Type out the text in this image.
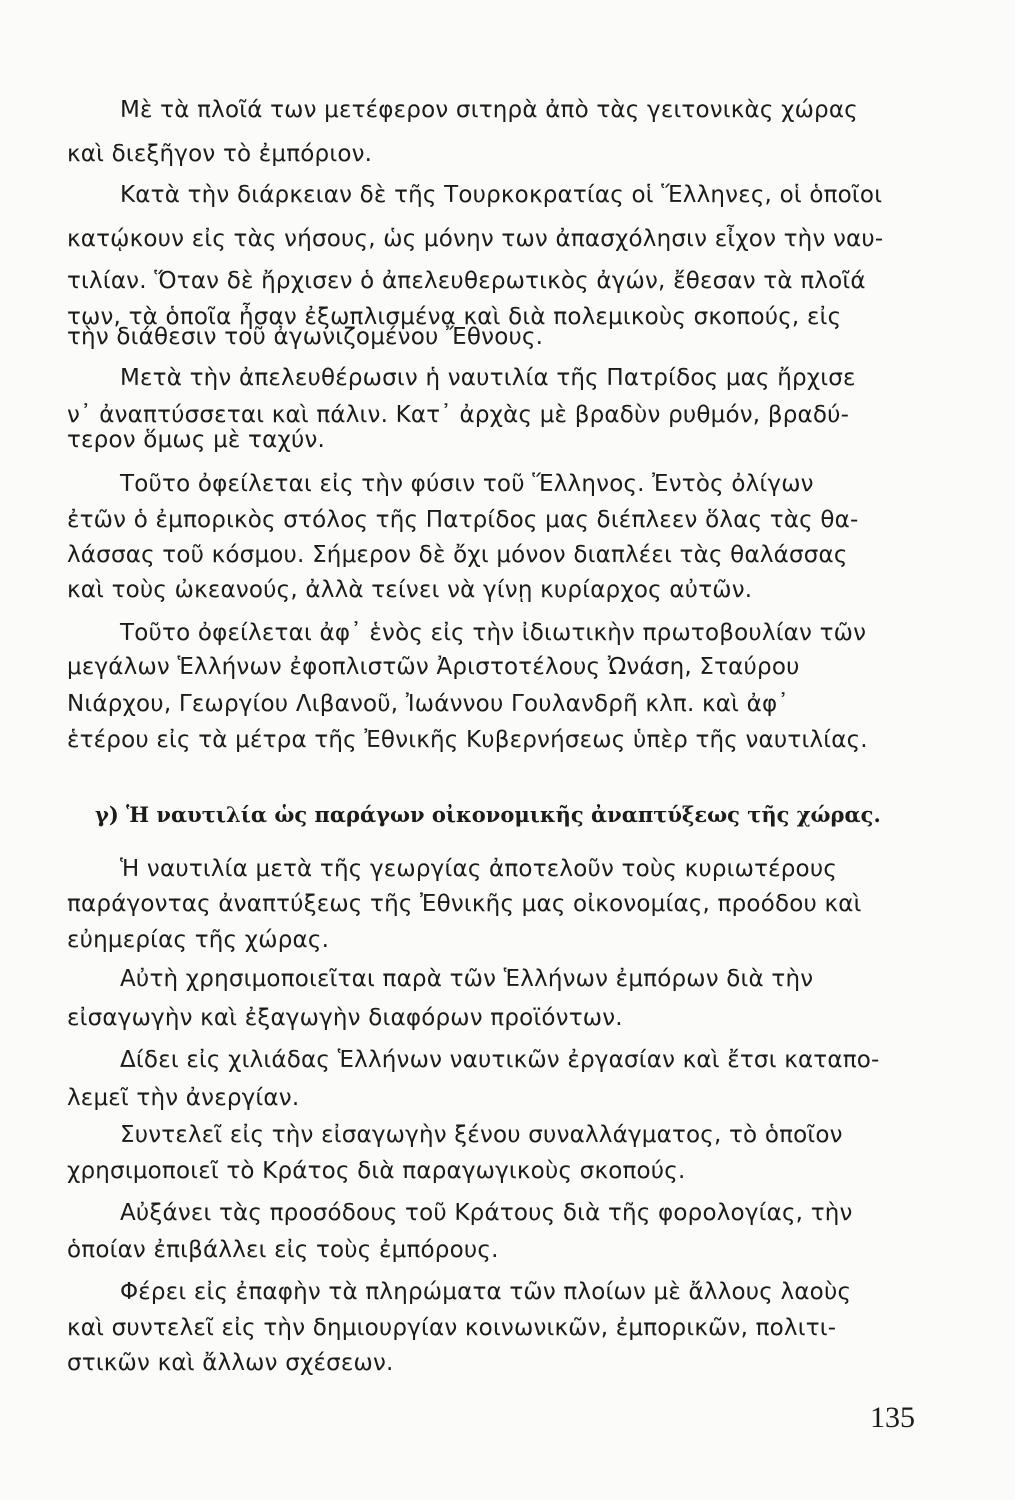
Μὲ τὰ πλοῖά των μετέφερον σιτηρὰ ἀπὸ τὰς γειτονικὰς χώρας
καὶ διεξῆγον τὸ ἐμπόριον.
Κατὰ τὴν διάρκειαν δὲ τῆς Τουρκοκρατίας οἱ Ἕλληνες, οἱ ὁποῖοι
κατῴκουν εἰς τὰς νήσους, ὡς μόνην των ἀπασχόλησιν εἶχον τὴν ναυ-
τιλίαν. Ὅταν δὲ ἤρχισεν ὁ ἀπελευθερωτικὸς ἀγών, ἔθεσαν τὰ πλοῖά
των, τὰ ὁποῖα ἦσαν ἐξωπλισμένα καὶ διὰ πολεμικοὺς σκοπούς, εἰς
τὴν διάθεσιν τοῦ ἀγωνιζομένου Ἔθνους.
Μετὰ τὴν ἀπελευθέρωσιν ἡ ναυτιλία τῆς Πατρίδος μας ἤρχισε
ν᾿ ἀναπτύσσεται καὶ πάλιν. Κατ᾿ ἀρχὰς μὲ βραδὺν ρυθμόν, βραδύ-
τερον ὅμως μὲ ταχύν.
Τοῦτο ὀφείλεται εἰς τὴν φύσιν τοῦ Ἕλληνος. Ἐντὸς ὀλίγων
ἐτῶν ὁ ἐμπορικὸς στόλος τῆς Πατρίδος μας διέπλεεν ὅλας τὰς θα-
λάσσας τοῦ κόσμου. Σήμερον δὲ ὄχι μόνον διαπλέει τὰς θαλάσσας
καὶ τοὺς ὠκεανούς, ἀλλὰ τείνει νὰ γίνῃ κυρίαρχος αὐτῶν.
Τοῦτο ὀφείλεται ἀφ᾿ ἑνὸς εἰς τὴν ἰδιωτικὴν πρωτοβουλίαν τῶν
μεγάλων Ἑλλήνων ἐφοπλιστῶν Ἀριστοτέλους Ὠνάση, Σταύρου
Νιάρχου, Γεωργίου Λιβανοῦ, Ἰωάννου Γουλανδρῆ κλπ. καὶ ἀφ᾿
ἑτέρου εἰς τὰ μέτρα τῆς Ἐθνικῆς Κυβερνήσεως ὑπὲρ τῆς ναυτιλίας.
γ) Ἡ ναυτιλία ὡς παράγων οἰκονομικῆς ἀναπτύξεως τῆς χώρας.
Ἡ ναυτιλία μετὰ τῆς γεωργίας ἀποτελοῦν τοὺς κυριωτέρους
παράγοντας ἀναπτύξεως τῆς Ἐθνικῆς μας οἰκονομίας, προόδου καὶ
εὐημερίας τῆς χώρας.
Αὐτὴ χρησιμοποιεῖται παρὰ τῶν Ἑλλήνων ἐμπόρων διὰ τὴν
εἰσαγωγὴν καὶ ἐξαγωγὴν διαφόρων προϊόντων.
Δίδει εἰς χιλιάδας Ἑλλήνων ναυτικῶν ἐργασίαν καὶ ἔτσι καταπο-
λεμεῖ τὴν ἀνεργίαν.
Συντελεῖ εἰς τὴν εἰσαγωγὴν ξένου συναλλάγματος, τὸ ὁποῖον
χρησιμοποιεῖ τὸ Κράτος διὰ παραγωγικοὺς σκοπούς.
Αὐξάνει τὰς προσόδους τοῦ Κράτους διὰ τῆς φορολογίας, τὴν
ὁποίαν ἐπιβάλλει εἰς τοὺς ἐμπόρους.
Φέρει εἰς ἐπαφὴν τὰ πληρώματα τῶν πλοίων μὲ ἄλλους λαοὺς
καὶ συντελεῖ εἰς τὴν δημιουργίαν κοινωνικῶν, ἐμπορικῶν, πολιτι-
στικῶν καὶ ἄλλων σχέσεων.
135
